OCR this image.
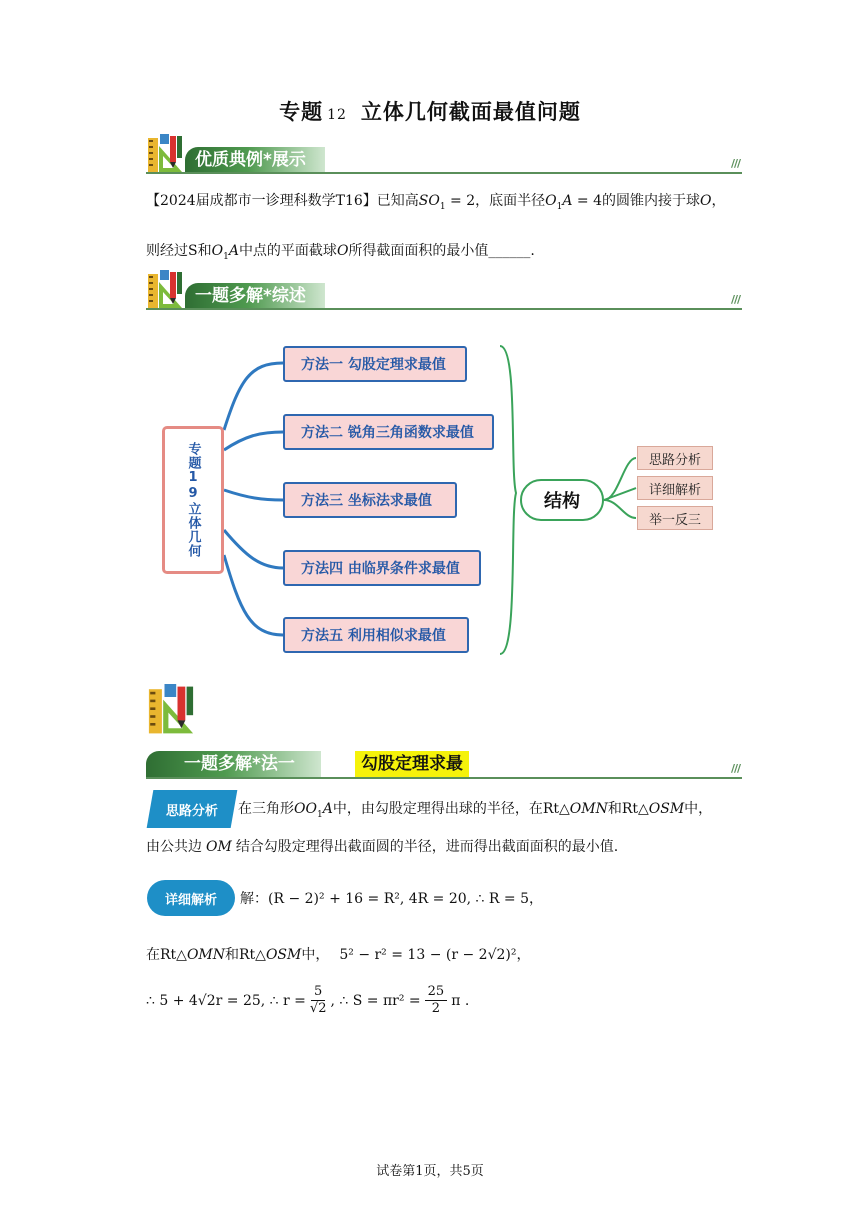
专题 12 立体几何截面最值问题
优质典例*展示	///
【2024届成都市一诊理科数学T16】已知高$SO_1 = 2$，底面半径$O_1A = 4$的圆锥内接于球O，
则经过S和$O_1A$中点的平面截球O所得截面面积的最小值______.
一题多解*综述	///
专题19立体几何
方法一 勾股定理求最值
方法二 锐角三角函数求最值
方法三 坐标法求最值
方法四 由临界条件求最值
方法五 利用相似求最值
结构
思路分析
详细解析
举一反三
一题多解*法一	勾股定理求最	///
思路分析 在三角形$OO_1A$中，由勾股定理得出球的半径，在Rt△OMN和Rt△OSM中，
由公共边 OM 结合勾股定理得出截面圆的半径，进而得出截面面积的最小值.
详细解析	解：(R − 2)² + 16 = R², 4R = 20, ∴ R = 5，
在Rt△OMN和Rt△OSM中， 5² − r² = 13 − (r − 2√2)²，
∴ 5 + 4√2r = 25, ∴ $r = \frac{5}{√2}$ , ∴ $S = \pi r^2 = \frac{25}{2}$ π .
试卷第1页，共5页
